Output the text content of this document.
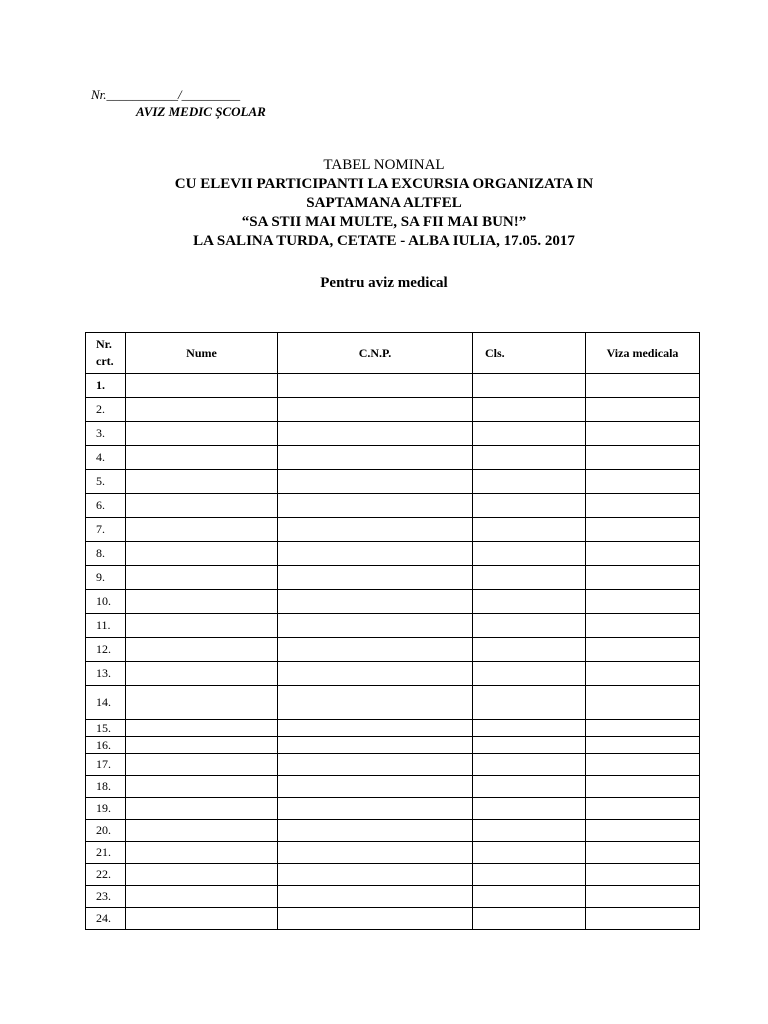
Nr.___________/_________
AVIZ MEDIC ȘCOLAR
TABEL NOMINAL
CU ELEVII PARTICIPANTI LA EXCURSIA ORGANIZATA IN
SAPTAMANA ALTFEL
“SA STII MAI MULTE, SA FII MAI BUN!”
LA SALINA TURDA, CETATE - ALBA IULIA, 17.05. 2017
Pentru aviz medical
Nr.
crt.	Nume	C.N.P.	Cls.	Viza medicala
1.				
2.				
3.				
4.				
5.				
6.				
7.				
8.				
9.				
10.				
11.				
12.				
13.				
14.				
15.				
16.				
17.				
18.				
19.				
20.				
21.				
22.				
23.				
24.				
